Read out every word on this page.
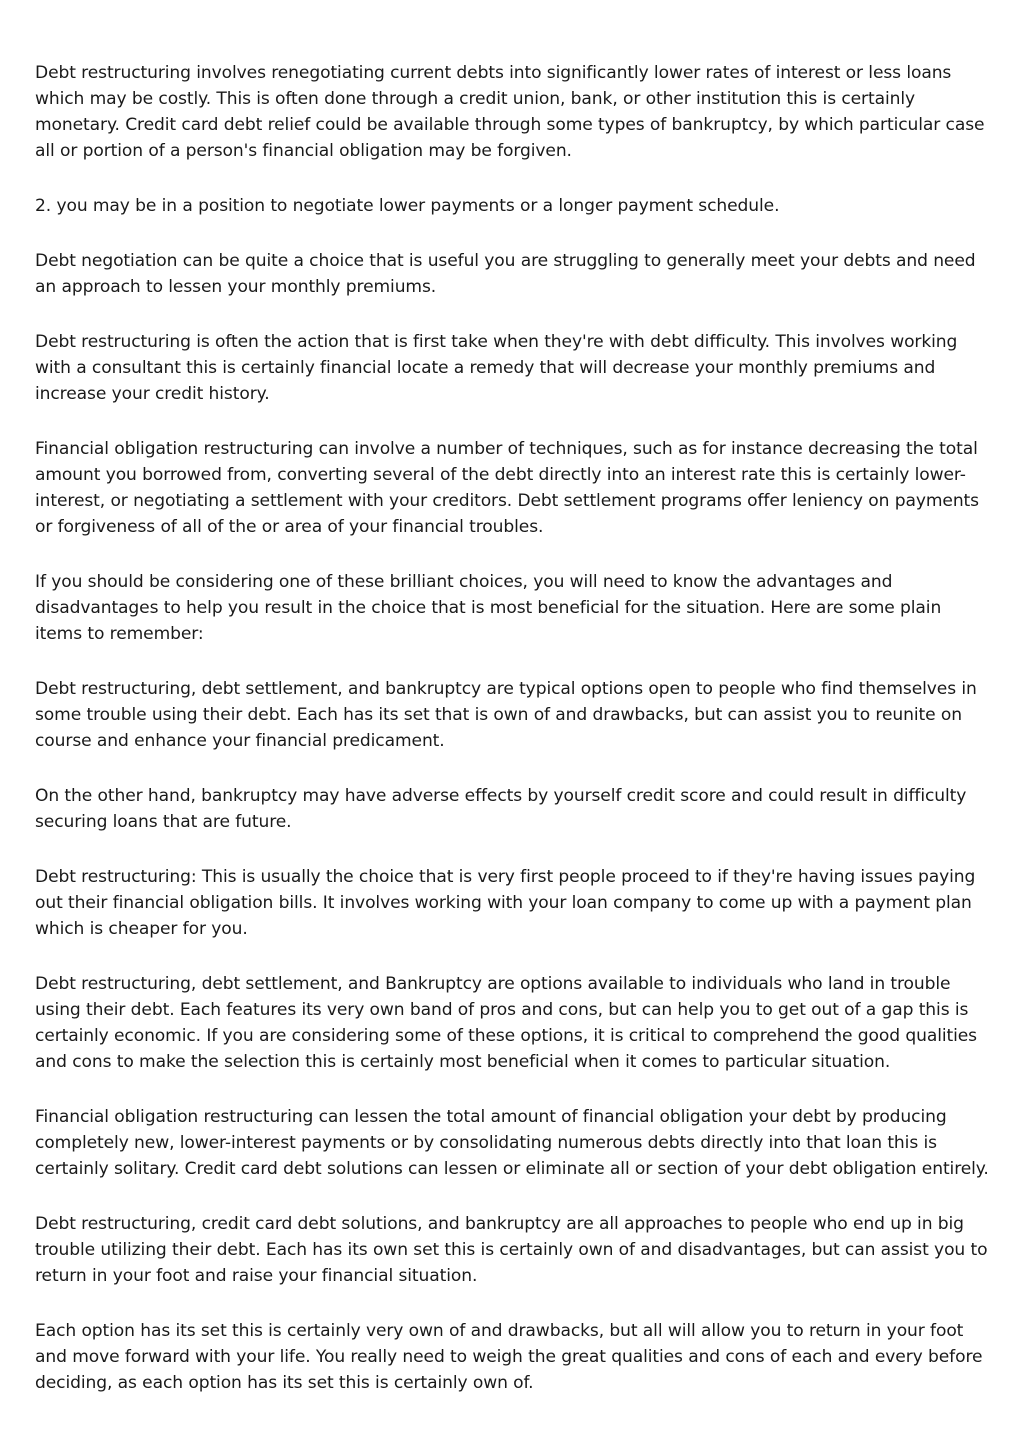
Debt restructuring involves renegotiating current debts into significantly lower rates of interest or less loans which may be costly. This is often done through a credit union, bank, or other institution this is certainly monetary. Credit card debt relief could be available through some types of bankruptcy, by which particular case all or portion of a person's financial obligation may be forgiven.

2. you may be in a position to negotiate lower payments or a longer payment schedule.

Debt negotiation can be quite a choice that is useful you are struggling to generally meet your debts and need an approach to lessen your monthly premiums.

Debt restructuring is often the action that is first take when they're with debt difficulty. This involves working with a consultant this is certainly financial locate a remedy that will decrease your monthly premiums and increase your credit history.

Financial obligation restructuring can involve a number of techniques, such as for instance decreasing the total amount you borrowed from, converting several of the debt directly into an interest rate this is certainly lower-interest, or negotiating a settlement with your creditors. Debt settlement programs offer leniency on payments or forgiveness of all of the or area of your financial troubles.

If you should be considering one of these brilliant choices, you will need to know the advantages and disadvantages to help you result in the choice that is most beneficial for the situation. Here are some plain items to remember:

Debt restructuring, debt settlement, and bankruptcy are typical options open to people who find themselves in some trouble using their debt. Each has its set that is own of and drawbacks, but can assist you to reunite on course and enhance your financial predicament.

On the other hand, bankruptcy may have adverse effects by yourself credit score and could result in difficulty securing loans that are future.

Debt restructuring: This is usually the choice that is very first people proceed to if they're having issues paying out their financial obligation bills. It involves working with your loan company to come up with a payment plan which is cheaper for you.

Debt restructuring, debt settlement, and Bankruptcy are options available to individuals who land in trouble using their debt. Each features its very own band of pros and cons, but can help you to get out of a gap this is certainly economic. If you are considering some of these options, it is critical to comprehend the good qualities and cons to make the selection this is certainly most beneficial when it comes to particular situation.

Financial obligation restructuring can lessen the total amount of financial obligation your debt by producing completely new, lower-interest payments or by consolidating numerous debts directly into that loan this is certainly solitary. Credit card debt solutions can lessen or eliminate all or section of your debt obligation entirely.

Debt restructuring, credit card debt solutions, and bankruptcy are all approaches to people who end up in big trouble utilizing their debt. Each has its own set this is certainly own of and disadvantages, but can assist you to return in your foot and raise your financial situation.

Each option has its set this is certainly very own of and drawbacks, but all will allow you to return in your foot and move forward with your life. You really need to weigh the great qualities and cons of each and every before deciding, as each option has its set this is certainly own of.
